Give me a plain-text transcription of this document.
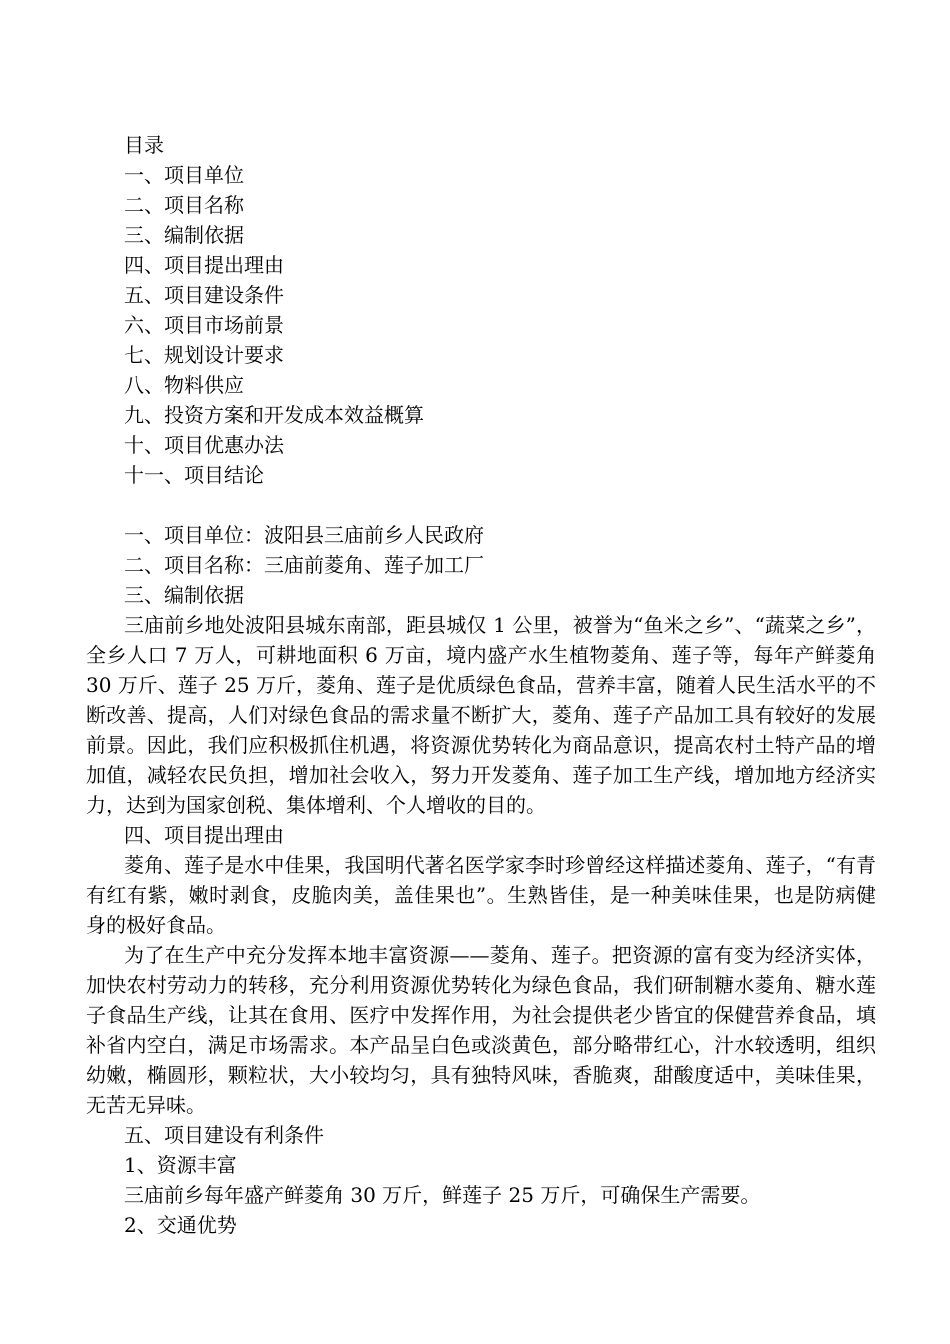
目录
一、项目单位
二、项目名称
三、编制依据
四、项目提出理由
五、项目建设条件
六、项目市场前景
七、规划设计要求
八、物料供应
九、投资方案和开发成本效益概算
十、项目优惠办法
十一、项目结论
一、项目单位：波阳县三庙前乡人民政府
二、项目名称：三庙前菱角、莲子加工厂
三、编制依据
三庙前乡地处波阳县城东南部，距县城仅 1 公里，被誉为“鱼米之乡”、“蔬菜之乡”，全乡人口 7 万人，可耕地面积 6 万亩，境内盛产水生植物菱角、莲子等，每年产鲜菱角 30 万斤、莲子 25 万斤，菱角、莲子是优质绿色食品，营养丰富，随着人民生活水平的不断改善、提高，人们对绿色食品的需求量不断扩大，菱角、莲子产品加工具有较好的发展前景。因此，我们应积极抓住机遇，将资源优势转化为商品意识，提高农村土特产品的增加值，减轻农民负担，增加社会收入，努力开发菱角、莲子加工生产线，增加地方经济实力，达到为国家创税、集体增利、个人增收的目的。
四、项目提出理由
菱角、莲子是水中佳果，我国明代著名医学家李时珍曾经这样描述菱角、莲子，“有青有红有紫，嫩时剥食，皮脆肉美，盖佳果也”。生熟皆佳，是一种美味佳果，也是防病健身的极好食品。
为了在生产中充分发挥本地丰富资源——菱角、莲子。把资源的富有变为经济实体，加快农村劳动力的转移，充分利用资源优势转化为绿色食品，我们研制糖水菱角、糖水莲子食品生产线，让其在食用、医疗中发挥作用，为社会提供老少皆宜的保健营养食品，填补省内空白，满足市场需求。本产品呈白色或淡黄色，部分略带红心，汁水较透明，组织幼嫩，椭圆形，颗粒状，大小较均匀，具有独特风味，香脆爽，甜酸度适中，美味佳果，无苦无异味。
五、项目建设有利条件
1、资源丰富
三庙前乡每年盛产鲜菱角 30 万斤，鲜莲子 25 万斤，可确保生产需要。
2、交通优势
